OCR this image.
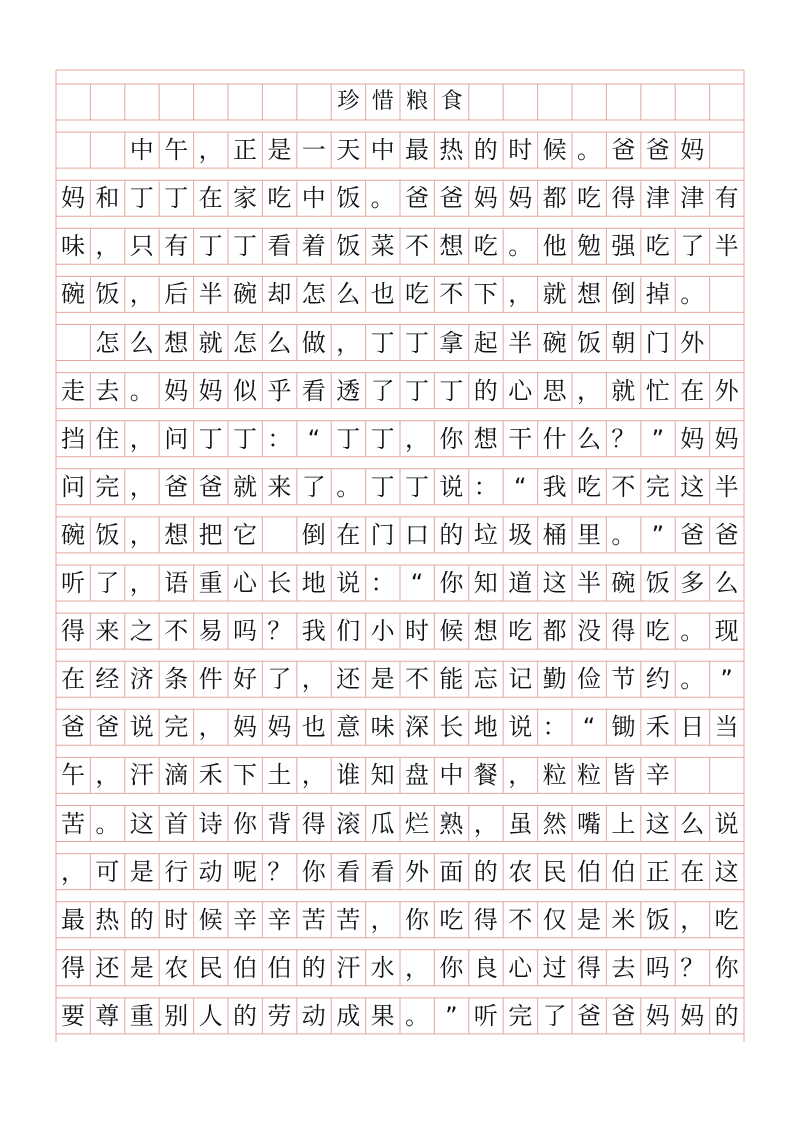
珍惜粮食
中 午 ， 正 是 一 天 中 最 热 的 时 候 。 爸 爸 妈
妈 和 丁 丁 在 家 吃 中 饭 。 爸 爸 妈 妈 都 吃 得 津 津 有
味 ， 只 有 丁 丁 看 着 饭 菜 不 想 吃 。 他 勉 强 吃 了 半
碗 饭 ， 后 半 碗 却 怎 么 也 吃 不 下 ， 就 想 倒 掉 。
怎 么 想 就 怎 么 做 ， 丁 丁 拿 起 半 碗 饭 朝 门 外
走 去 。 妈 妈 似 乎 看 透 了 丁 丁 的 心 思 ， 就 忙 在 外
挡 住 ， 问 丁 丁 ： “ 丁 丁 ， 你 想 干 什 么 ？ ” 妈 妈
问 完 ， 爸 爸 就 来 了 。 丁 丁 说 ： “ 我 吃 不 完 这 半
碗 饭 ， 想 把 它 倒 在 门 口 的 垃 圾 桶 里 。 ” 爸 爸
听 了 ， 语 重 心 长 地 说 ： “ 你 知 道 这 半 碗 饭 多 么
得 来 之 不 易 吗 ？ 我 们 小 时 候 想 吃 都 没 得 吃 。 现
在 经 济 条 件 好 了 ， 还 是 不 能 忘 记 勤 俭 节 约 。 ”
爸 爸 说 完 ， 妈 妈 也 意 味 深 长 地 说 ： “ 锄 禾 日 当
午 ， 汗 滴 禾 下 土 ， 谁 知 盘 中 餐 ， 粒 粒 皆 辛
苦 。 这 首 诗 你 背 得 滚 瓜 烂 熟 ， 虽 然 嘴 上 这 么 说
， 可 是 行 动 呢 ？ 你 看 看 外 面 的 农 民 伯 伯 正 在 这
最 热 的 时 候 辛 辛 苦 苦 ， 你 吃 得 不 仅 是 米 饭 ， 吃
得 还 是 农 民 伯 伯 的 汗 水 ， 你 良 心 过 得 去 吗 ？ 你
要 尊 重 别 人 的 劳 动 成 果 。 ” 听 完 了 爸 爸 妈 妈 的
